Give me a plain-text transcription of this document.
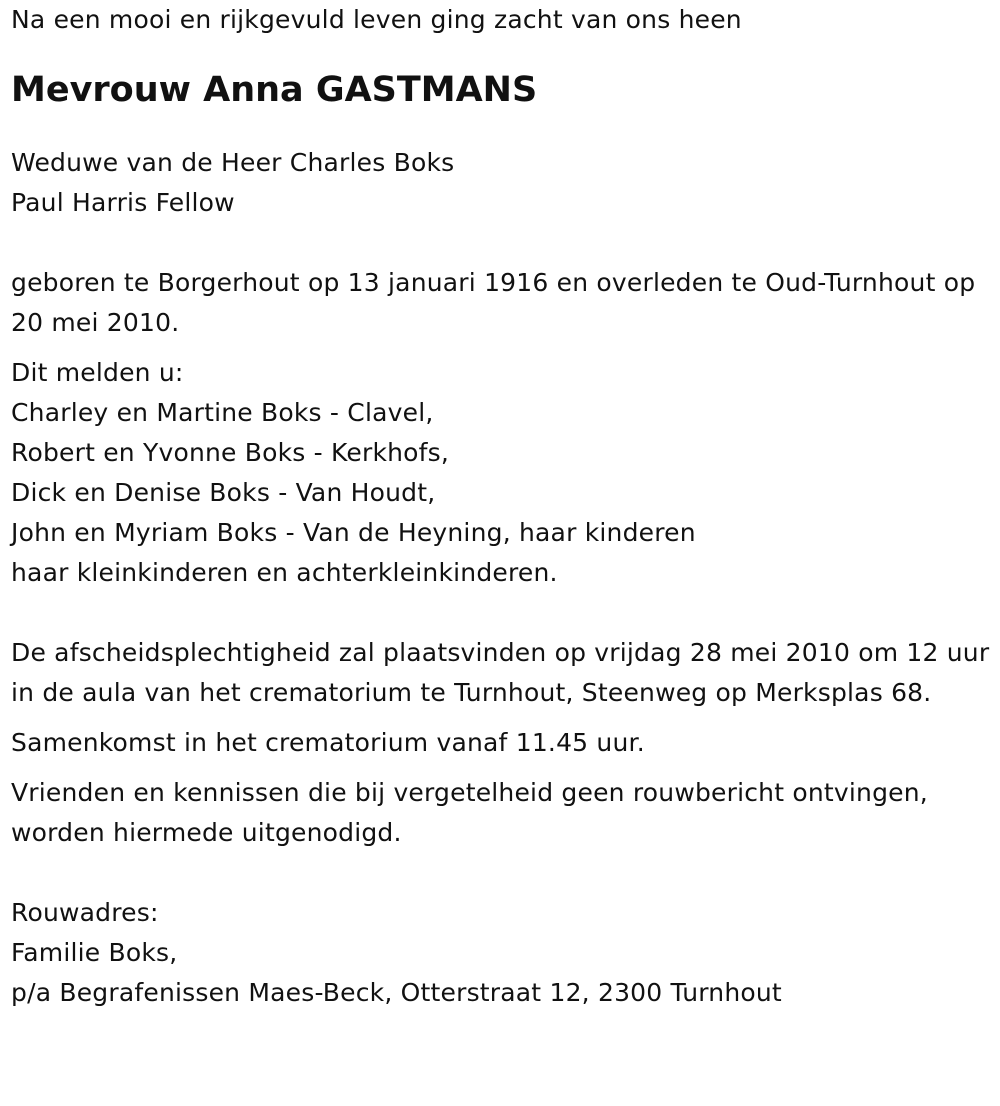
Na een mooi en rijkgevuld leven ging zacht van ons heen
Mevrouw Anna GASTMANS

Weduwe van de Heer Charles Boks

Paul Harris Fellow

geboren te Borgerhout op 13 januari 1916 en overleden te Oud-Turnhout op 20 mei 2010.

Dit melden u:

Charley en Martine Boks - Clavel,

Robert en Yvonne Boks - Kerkhofs,

Dick en Denise Boks - Van Houdt,

John en Myriam Boks - Van de Heyning, haar kinderen

haar kleinkinderen en achterkleinkinderen.

De afscheidsplechtigheid zal plaatsvinden op vrijdag 28 mei 2010 om 12 uur in de aula van het crematorium te Turnhout, Steenweg op Merksplas 68.

Samenkomst in het crematorium vanaf 11.45 uur.

Vrienden en kennissen die bij vergetelheid geen rouwbericht ontvingen, worden hiermede uitgenodigd.

Rouwadres:

Familie Boks,

p/a Begrafenissen Maes-Beck, Otterstraat 12, 2300 Turnhout
